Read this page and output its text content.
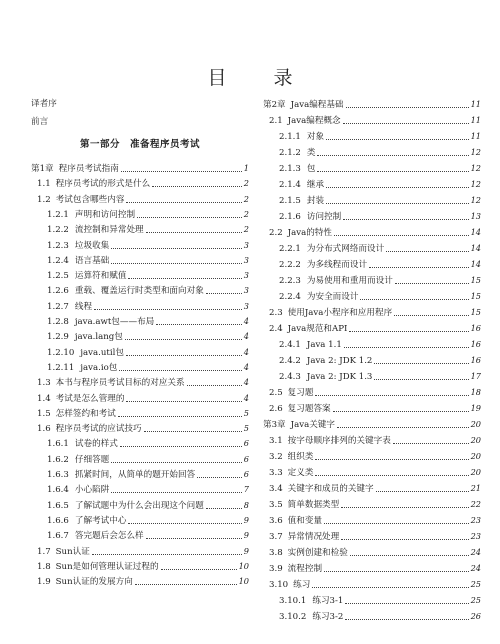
目　录
译者序
前言
第一部分　准备程序员考试
第1章 程序员考试指南	1
1.1 程序员考试的形式是什么	2
1.2 考试包含哪些内容	2
1.2.1 声明和访问控制	2
1.2.2 流控制和异常处理	2
1.2.3 垃圾收集	3
1.2.4 语言基础	3
1.2.5 运算符和赋值	3
1.2.6 重载、覆盖运行时类型和面向对象	3
1.2.7 线程	3
1.2.8 java.awt包——布局	4
1.2.9 java.lang包	4
1.2.10 java.util包	4
1.2.11 java.io包	4
1.3 本书与程序员考试目标的对应关系	4
1.4 考试是怎么管理的	4
1.5 怎样签约和考试	5
1.6 程序员考试的应试技巧	5
1.6.1 试卷的样式	6
1.6.2 仔细答题	6
1.6.3 抓紧时间，从简单的题开始回答	6
1.6.4 小心陷阱	7
1.6.5 了解试题中为什么会出现这个问题	8
1.6.6 了解考试中心	9
1.6.7 答完题后会怎么样	9
1.7 Sun认证	9
1.8 Sun是如何管理认证过程的	10
1.9 Sun认证的发展方向	10
第2章 Java编程基础	11
2.1 Java编程概念	11
2.1.1 对象	11
2.1.2 类	12
2.1.3 包	12
2.1.4 继承	12
2.1.5 封装	12
2.1.6 访问控制	13
2.2 Java的特性	14
2.2.1 为分布式网络而设计	14
2.2.2 为多线程而设计	14
2.2.3 为易使用和重用而设计	15
2.2.4 为安全而设计	15
2.3 使用Java小程序和应用程序	15
2.4 Java规范和API	16
2.4.1 Java 1.1	16
2.4.2 Java 2: JDK 1.2	16
2.4.3 Java 2: JDK 1.3	17
2.5 复习题	18
2.6 复习题答案	19
第3章 Java关键字	20
3.1 按字母顺序排列的关键字表	20
3.2 组织类	20
3.3 定义类	20
3.4 关键字和成员的关键字	21
3.5 简单数据类型	22
3.6 值和变量	23
3.7 异常情况处理	23
3.8 实例创建和检验	24
3.9 流程控制	24
3.10 练习	25
3.10.1 练习3-1	25
3.10.2 练习3-2	26
